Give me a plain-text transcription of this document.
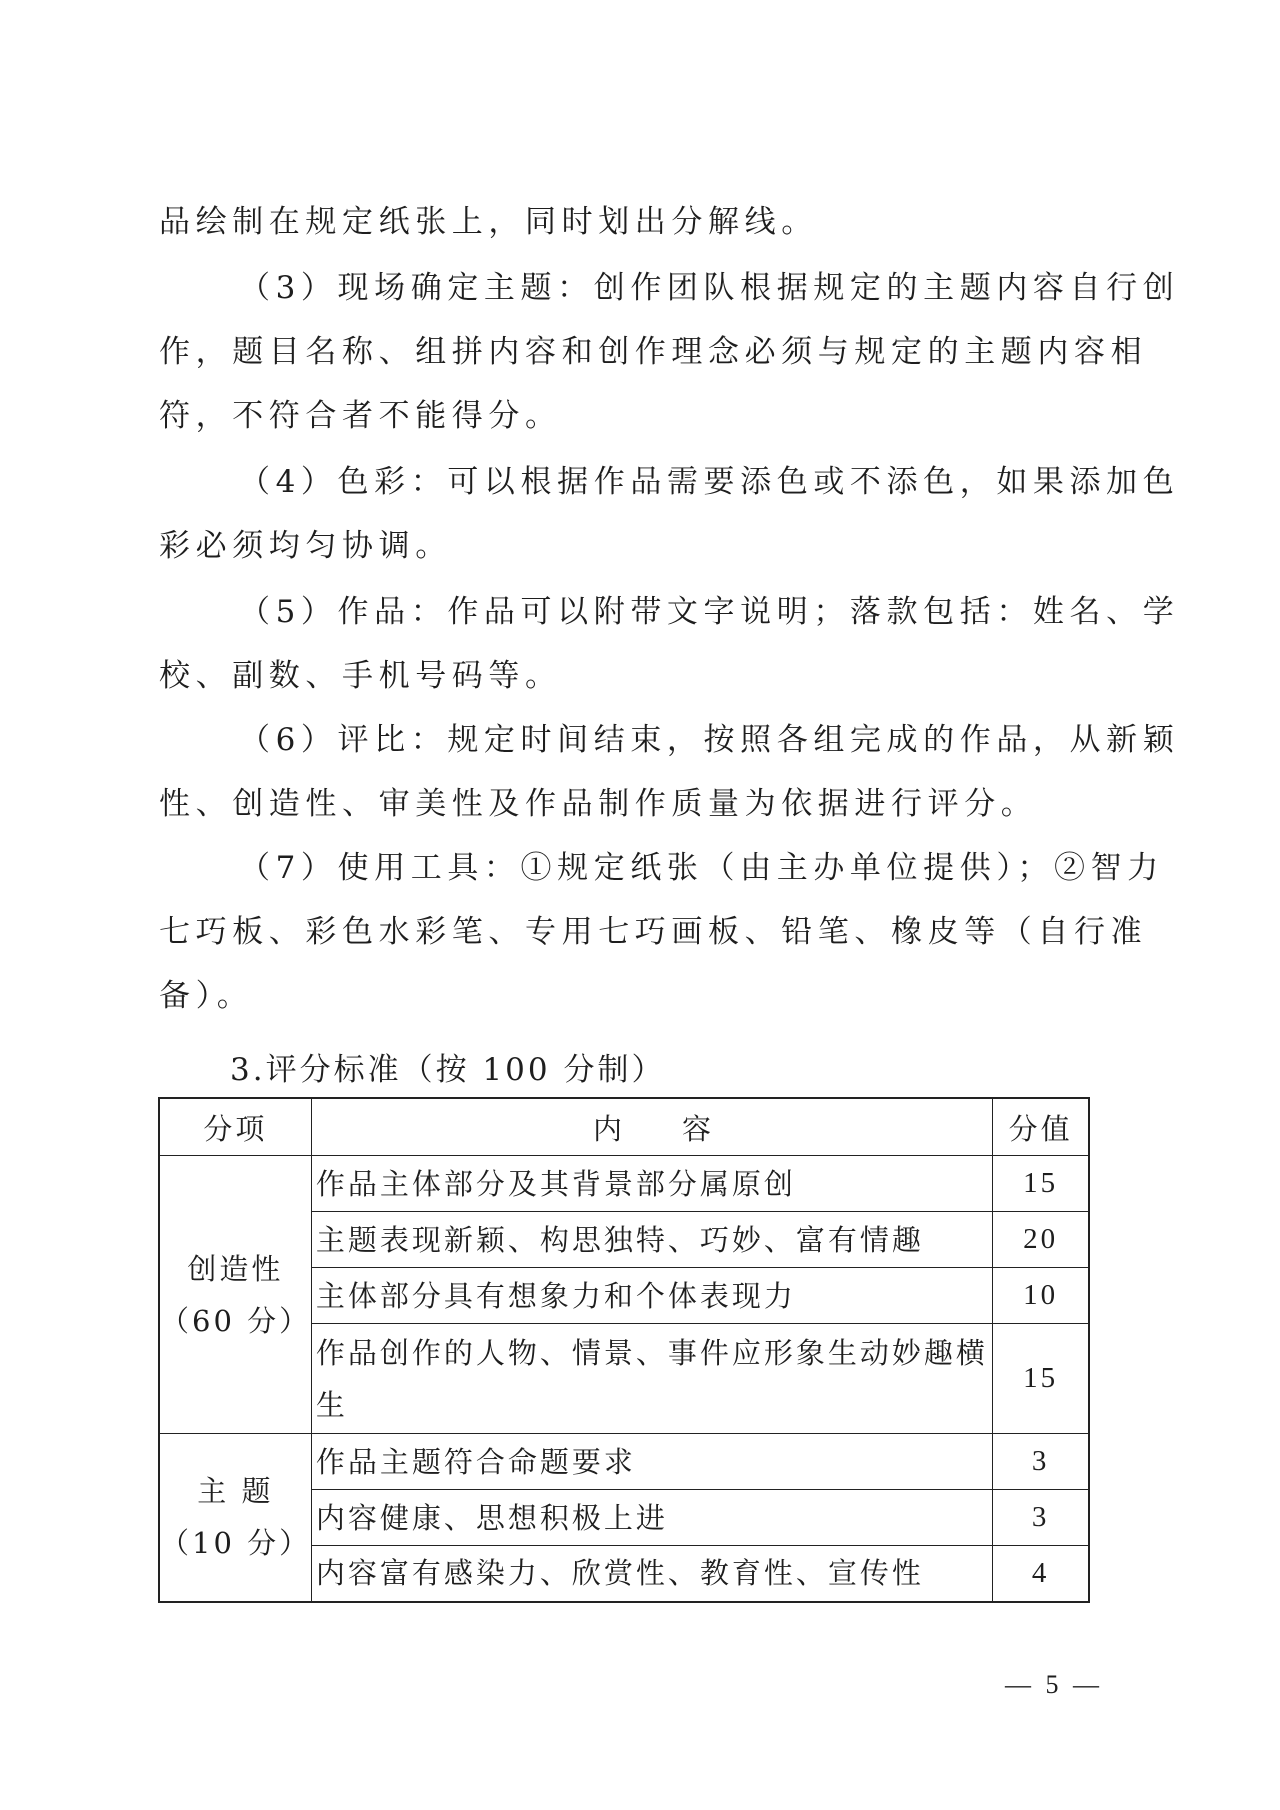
品绘制在规定纸张上，同时划出分解线。
（3）现场确定主题：创作团队根据规定的主题内容自行创
作，题目名称、组拼内容和创作理念必须与规定的主题内容相
符，不符合者不能得分。
（4）色彩：可以根据作品需要添色或不添色，如果添加色
彩必须均匀协调。
（5）作品：作品可以附带文字说明；落款包括：姓名、学
校、副数、手机号码等。
（6）评比：规定时间结束，按照各组完成的作品，从新颖
性、创造性、审美性及作品制作质量为依据进行评分。
（7）使用工具：①规定纸张（由主办单位提供）；②智力
七巧板、彩色水彩笔、专用七巧画板、铅笔、橡皮等（自行准
备）。
3.评分标准（按 100 分制）
分项	内容	分值

创造性
（60 分）	作品主体部分及其背景部分属原创	15
	主题表现新颖、构思独特、巧妙、富有情趣	20
	主体部分具有想象力和个体表现力	10
	作品创作的人物、情景、事件应形象生动妙趣横生	15

主 题
（10 分）	作品主题符合命题要求	3
	内容健康、思想积极上进	3
	内容富有感染力、欣赏性、教育性、宣传性	4
— 5 —
